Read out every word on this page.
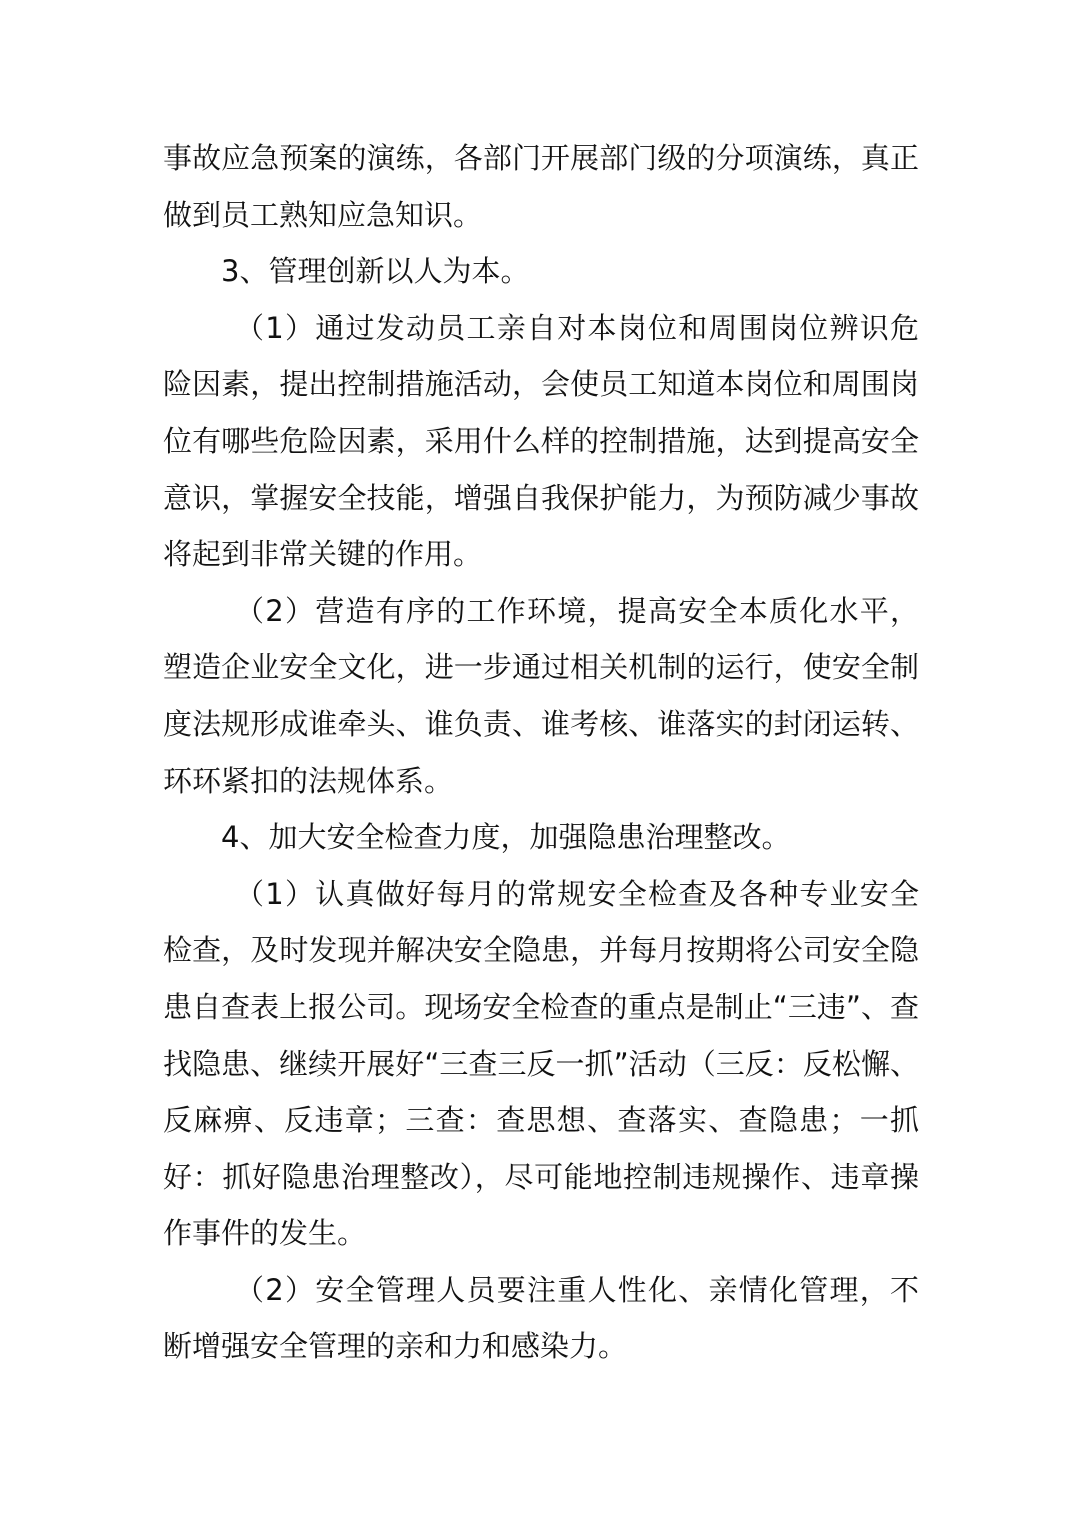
事故应急预案的演练，各部门开展部门级的分项演练，真正做到员工熟知应急知识。

3、管理创新以人为本。

（1）通过发动员工亲自对本岗位和周围岗位辨识危险因素，提出控制措施活动，会使员工知道本岗位和周围岗位有哪些危险因素，采用什么样的控制措施，达到提高安全意识，掌握安全技能，增强自我保护能力，为预防减少事故将起到非常关键的作用。

（2）营造有序的工作环境，提高安全本质化水平，塑造企业安全文化，进一步通过相关机制的运行，使安全制度法规形成谁牵头、谁负责、谁考核、谁落实的封闭运转、环环紧扣的法规体系。

4、加大安全检查力度，加强隐患治理整改。

（1）认真做好每月的常规安全检查及各种专业安全检查，及时发现并解决安全隐患，并每月按期将公司安全隐患自查表上报公司。现场安全检查的重点是制止“三违”、查找隐患、继续开展好“三查三反一抓”活动（三反：反松懈、反麻痹、反违章；三查：查思想、查落实、查隐患；一抓好：抓好隐患治理整改），尽可能地控制违规操作、违章操作事件的发生。

（2）安全管理人员要注重人性化、亲情化管理，不断增强安全管理的亲和力和感染力。
